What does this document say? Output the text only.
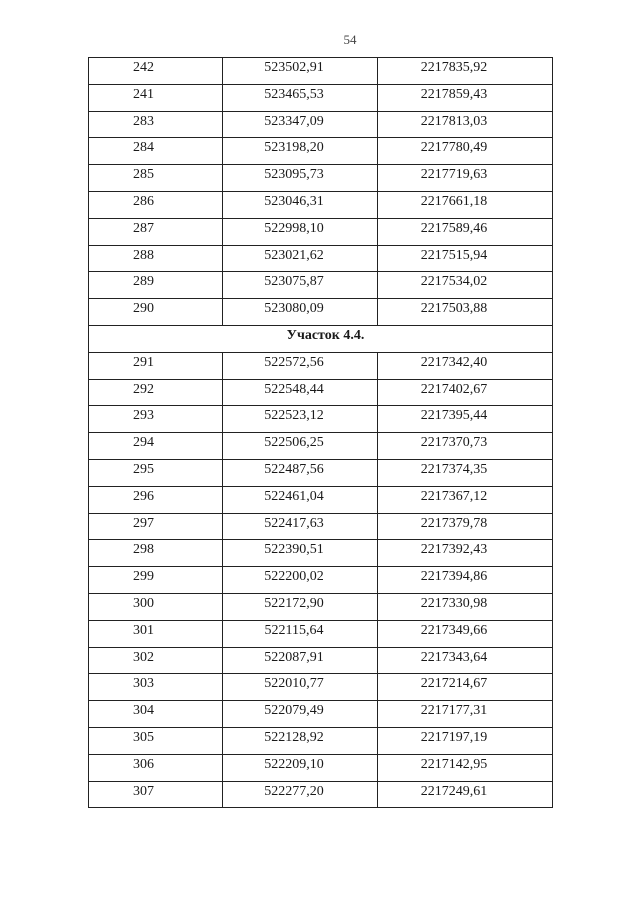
54
242	523502,91	2217835,92
241	523465,53	2217859,43
283	523347,09	2217813,03
284	523198,20	2217780,49
285	523095,73	2217719,63
286	523046,31	2217661,18
287	522998,10	2217589,46
288	523021,62	2217515,94
289	523075,87	2217534,02
290	523080,09	2217503,88
Участок 4.4.		
291	522572,56	2217342,40
292	522548,44	2217402,67
293	522523,12	2217395,44
294	522506,25	2217370,73
295	522487,56	2217374,35
296	522461,04	2217367,12
297	522417,63	2217379,78
298	522390,51	2217392,43
299	522200,02	2217394,86
300	522172,90	2217330,98
301	522115,64	2217349,66
302	522087,91	2217343,64
303	522010,77	2217214,67
304	522079,49	2217177,31
305	522128,92	2217197,19
306	522209,10	2217142,95
307	522277,20	2217249,61
